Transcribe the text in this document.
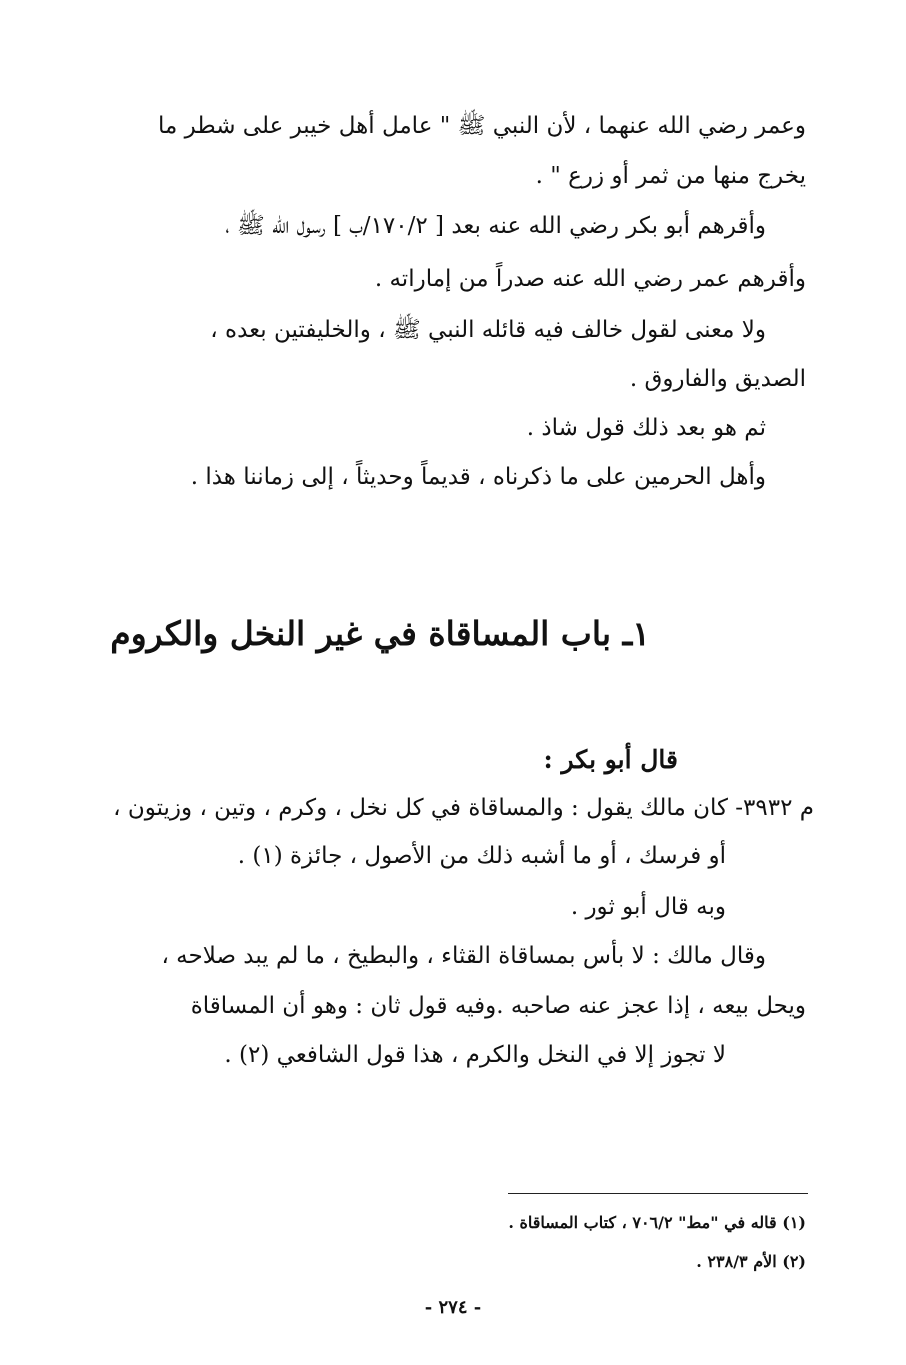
وعمر رضي الله عنهما ، لأن النبي ﷺ " عامل أهل خيبر على شطر ما
يخرج منها من ثمر أو زرع " .
وأقرهم أبو بكر رضي الله عنه بعد [ ١٧٠/٢/ب ] رسول الله ﷺ ،
وأقرهم عمر رضي الله عنه صدراً من إماراته .
ولا معنى لقول خالف فيه قائله النبي ﷺ ، والخليفتين بعده ،
الصديق والفاروق .
ثم هو بعد ذلك قول شاذ .
وأهل الحرمين على ما ذكرناه ، قديماً وحديثاً ، إلى زماننا هذا .
١ـ باب المساقاة في غير النخل والكروم
قال أبو بكر :
م ٣٩٣٢- كان مالك يقول : والمساقاة في كل نخل ، وكرم ، وتين ، وزيتون ،
أو فرسك ، أو ما أشبه ذلك من الأصول ، جائزة (١) .
وبه قال أبو ثور .
وقال مالك : لا بأس بمساقاة القثاء ، والبطيخ ، ما لم يبد صلاحه ،
ويحل بيعه ، إذا عجز عنه صاحبه .وفيه قول ثان : وهو أن المساقاة
لا تجوز إلا في النخل والكرم ، هذا قول الشافعي (٢) .
(١) قاله في "مط" ٧٠٦/٢ ، كتاب المساقاة .
(٢) الأم ٢٣٨/٣ .
- ٢٧٤ -
